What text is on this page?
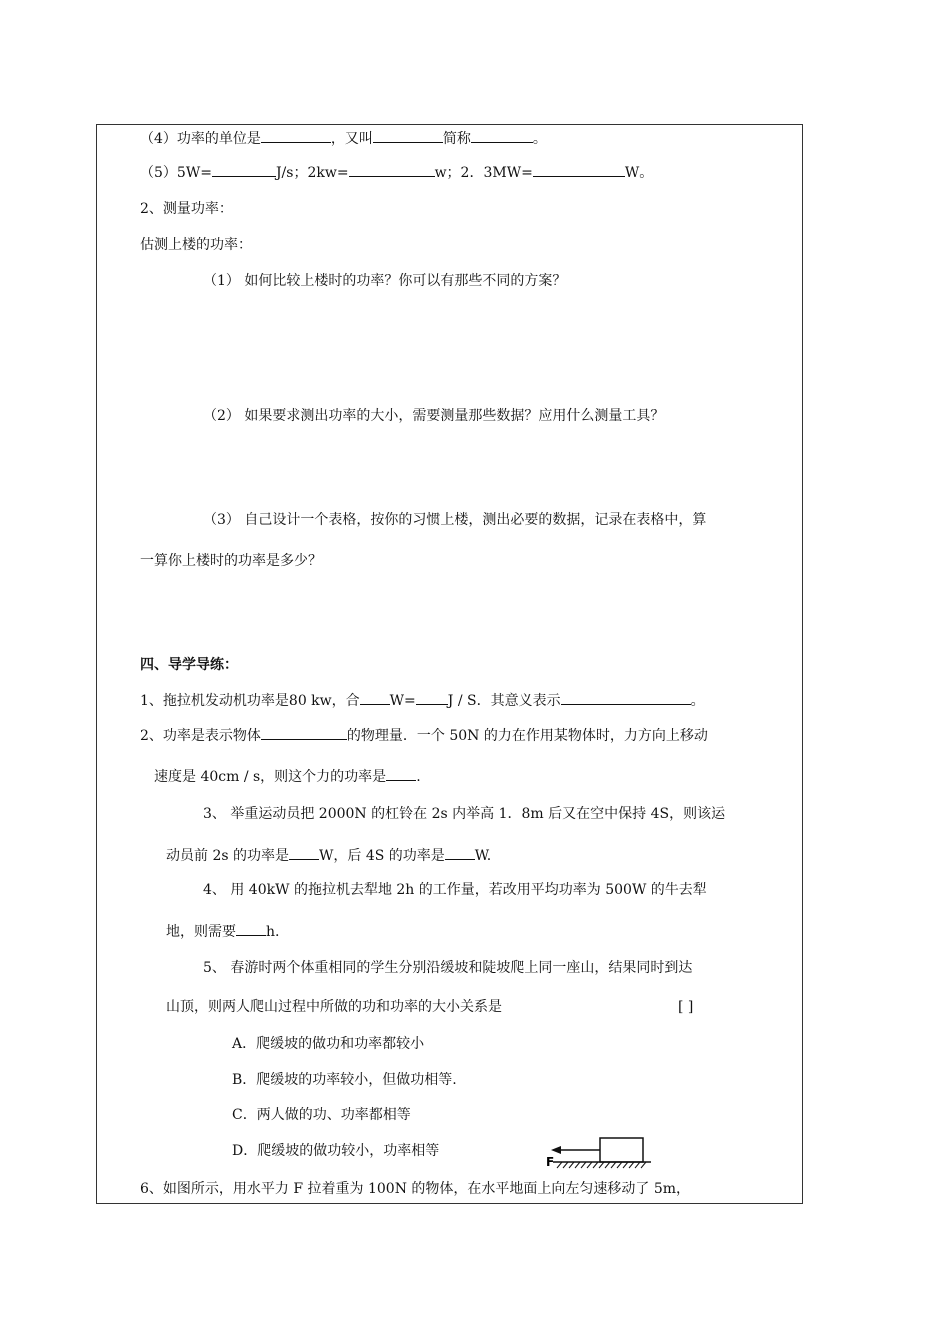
（4）功率的单位是	，又叫	简称	。
（5）5W=	J/s；2kw=	w；2．3MW=	W。
2、测量功率：
估测上楼的功率：
（1） 如何比较上楼时的功率？你可以有那些不同的方案？
（2） 如果要求测出功率的大小，需要测量那些数据？应用什么测量工具？
（3） 自己设计一个表格，按你的习惯上楼，测出必要的数据，记录在表格中，算
一算你上楼时的功率是多少？
四、导学导练：
1、拖拉机发动机功率是80 kw，合 W= J / S．其意义表示	。
2、功率是表示物体	的物理量．一个 50N 的力在作用某物体时，力方向上移动
速度是 40cm / s，则这个力的功率是 .
3、 举重运动员把 2000N 的杠铃在 2s 内举高 1．8m 后又在空中保持 4S，则该运
动员前 2s 的功率是 W，后 4S 的功率是 W.
4、 用 40kW 的拖拉机去犁地 2h 的工作量，若改用平均功率为 500W 的牛去犁
地，则需要 h.
5、 春游时两个体重相同的学生分别沿缓坡和陡坡爬上同一座山，结果同时到达
山顶，则两人爬山过程中所做的功和功率的大小关系是	[ ]
A．爬缓坡的做功和功率都较小
B．爬缓坡的功率较小，但做功相等.
C．两人做的功、功率都相等
D．爬缓坡的做功较小，功率相等
F
6、如图所示，用水平力 F 拉着重为 100N 的物体，在水平地面上向左匀速移动了 5m，
